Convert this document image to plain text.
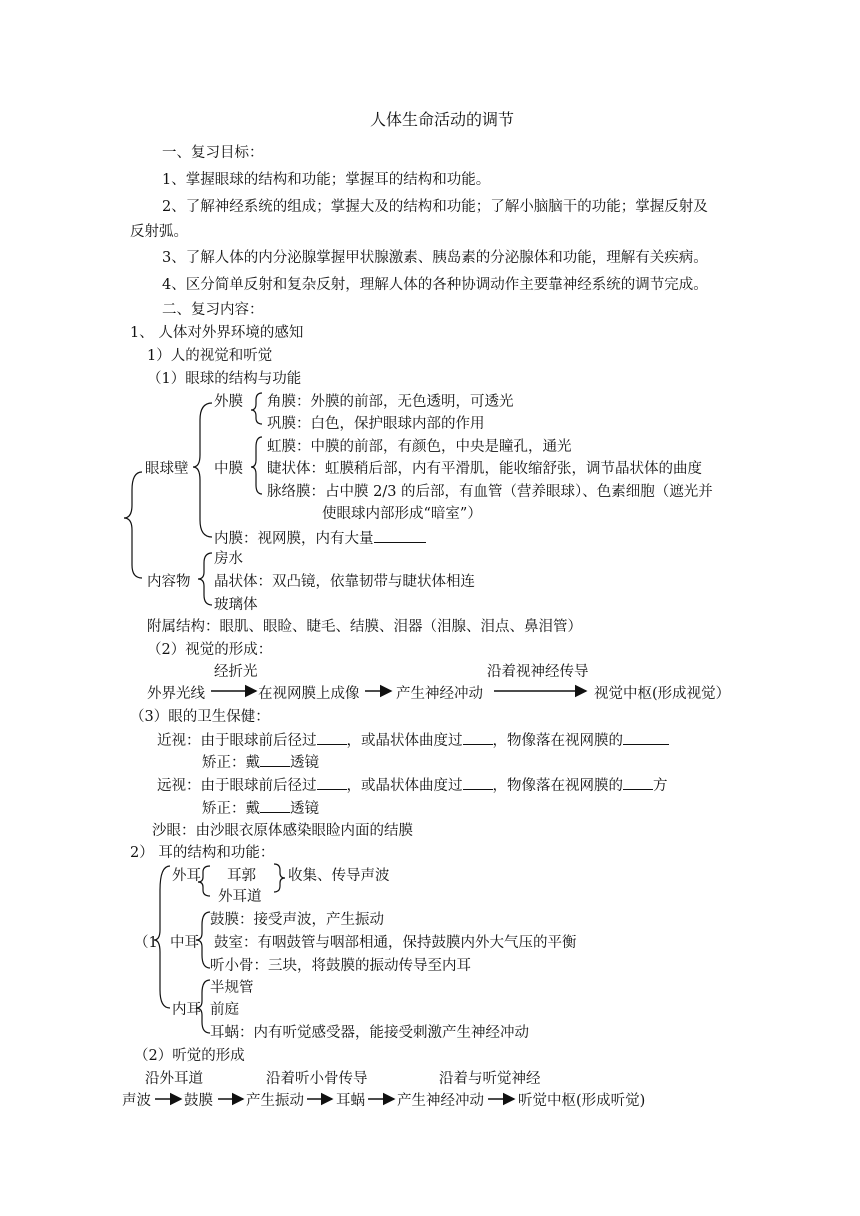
人体生命活动的调节
一、复习目标：
1、掌握眼球的结构和功能；掌握耳的结构和功能。
2、了解神经系统的组成；掌握大及的结构和功能；了解小脑脑干的功能；掌握反射及
反射弧。
3、了解人体的内分泌腺掌握甲状腺激素、胰岛素的分泌腺体和功能，理解有关疾病。
4、区分简单反射和复杂反射，理解人体的各种协调动作主要靠神经系统的调节完成。
二、复习内容：
1、 人体对外界环境的感知
1）人的视觉和听觉
（1）眼球的结构与功能
外膜 角膜：外膜的前部，无色透明，可透光
巩膜：白色，保护眼球内部的作用
虹膜：中膜的前部，有颜色，中央是瞳孔，通光
眼球壁 中膜 睫状体：虹膜稍后部，内有平滑肌，能收缩舒张，调节晶状体的曲度
脉络膜：占中膜 2/3 的后部，有血管（营养眼球）、色素细胞（遮光并
使眼球内部形成“暗室”）
内膜：视网膜，内有大量
房水
内容物 晶状体：双凸镜，依靠韧带与睫状体相连
玻璃体
附属结构：眼肌、眼睑、睫毛、结膜、泪器（泪腺、泪点、鼻泪管）
（2）视觉的形成：
经折光	沿着视神经传导
外界光线	在视网膜上成像	产生神经冲动	视觉中枢(形成视觉）
（3）眼的卫生保健：
近视：由于眼球前后径过 ，或晶状体曲度过 ，物像落在视网膜的
矫正：戴 透镜
远视：由于眼球前后径过 ，或晶状体曲度过 ，物像落在视网膜的 方
矫正：戴 透镜
沙眼：由沙眼衣原体感染眼睑内面的结膜
2） 耳的结构和功能：
外耳 耳郭 收集、传导声波
外耳道
鼓膜：接受声波，产生振动
（1 中耳 鼓室：有咽鼓管与咽部相通，保持鼓膜内外大气压的平衡
听小骨：三块，将鼓膜的振动传导至内耳
半规管
内耳 前庭
耳蜗：内有听觉感受器，能接受刺激产生神经冲动
（2）听觉的形成
沿外耳道	沿着听小骨传导	沿着与听觉神经
声波 鼓膜 产生振动 耳蜗 产生神经冲动 听觉中枢(形成听觉)
